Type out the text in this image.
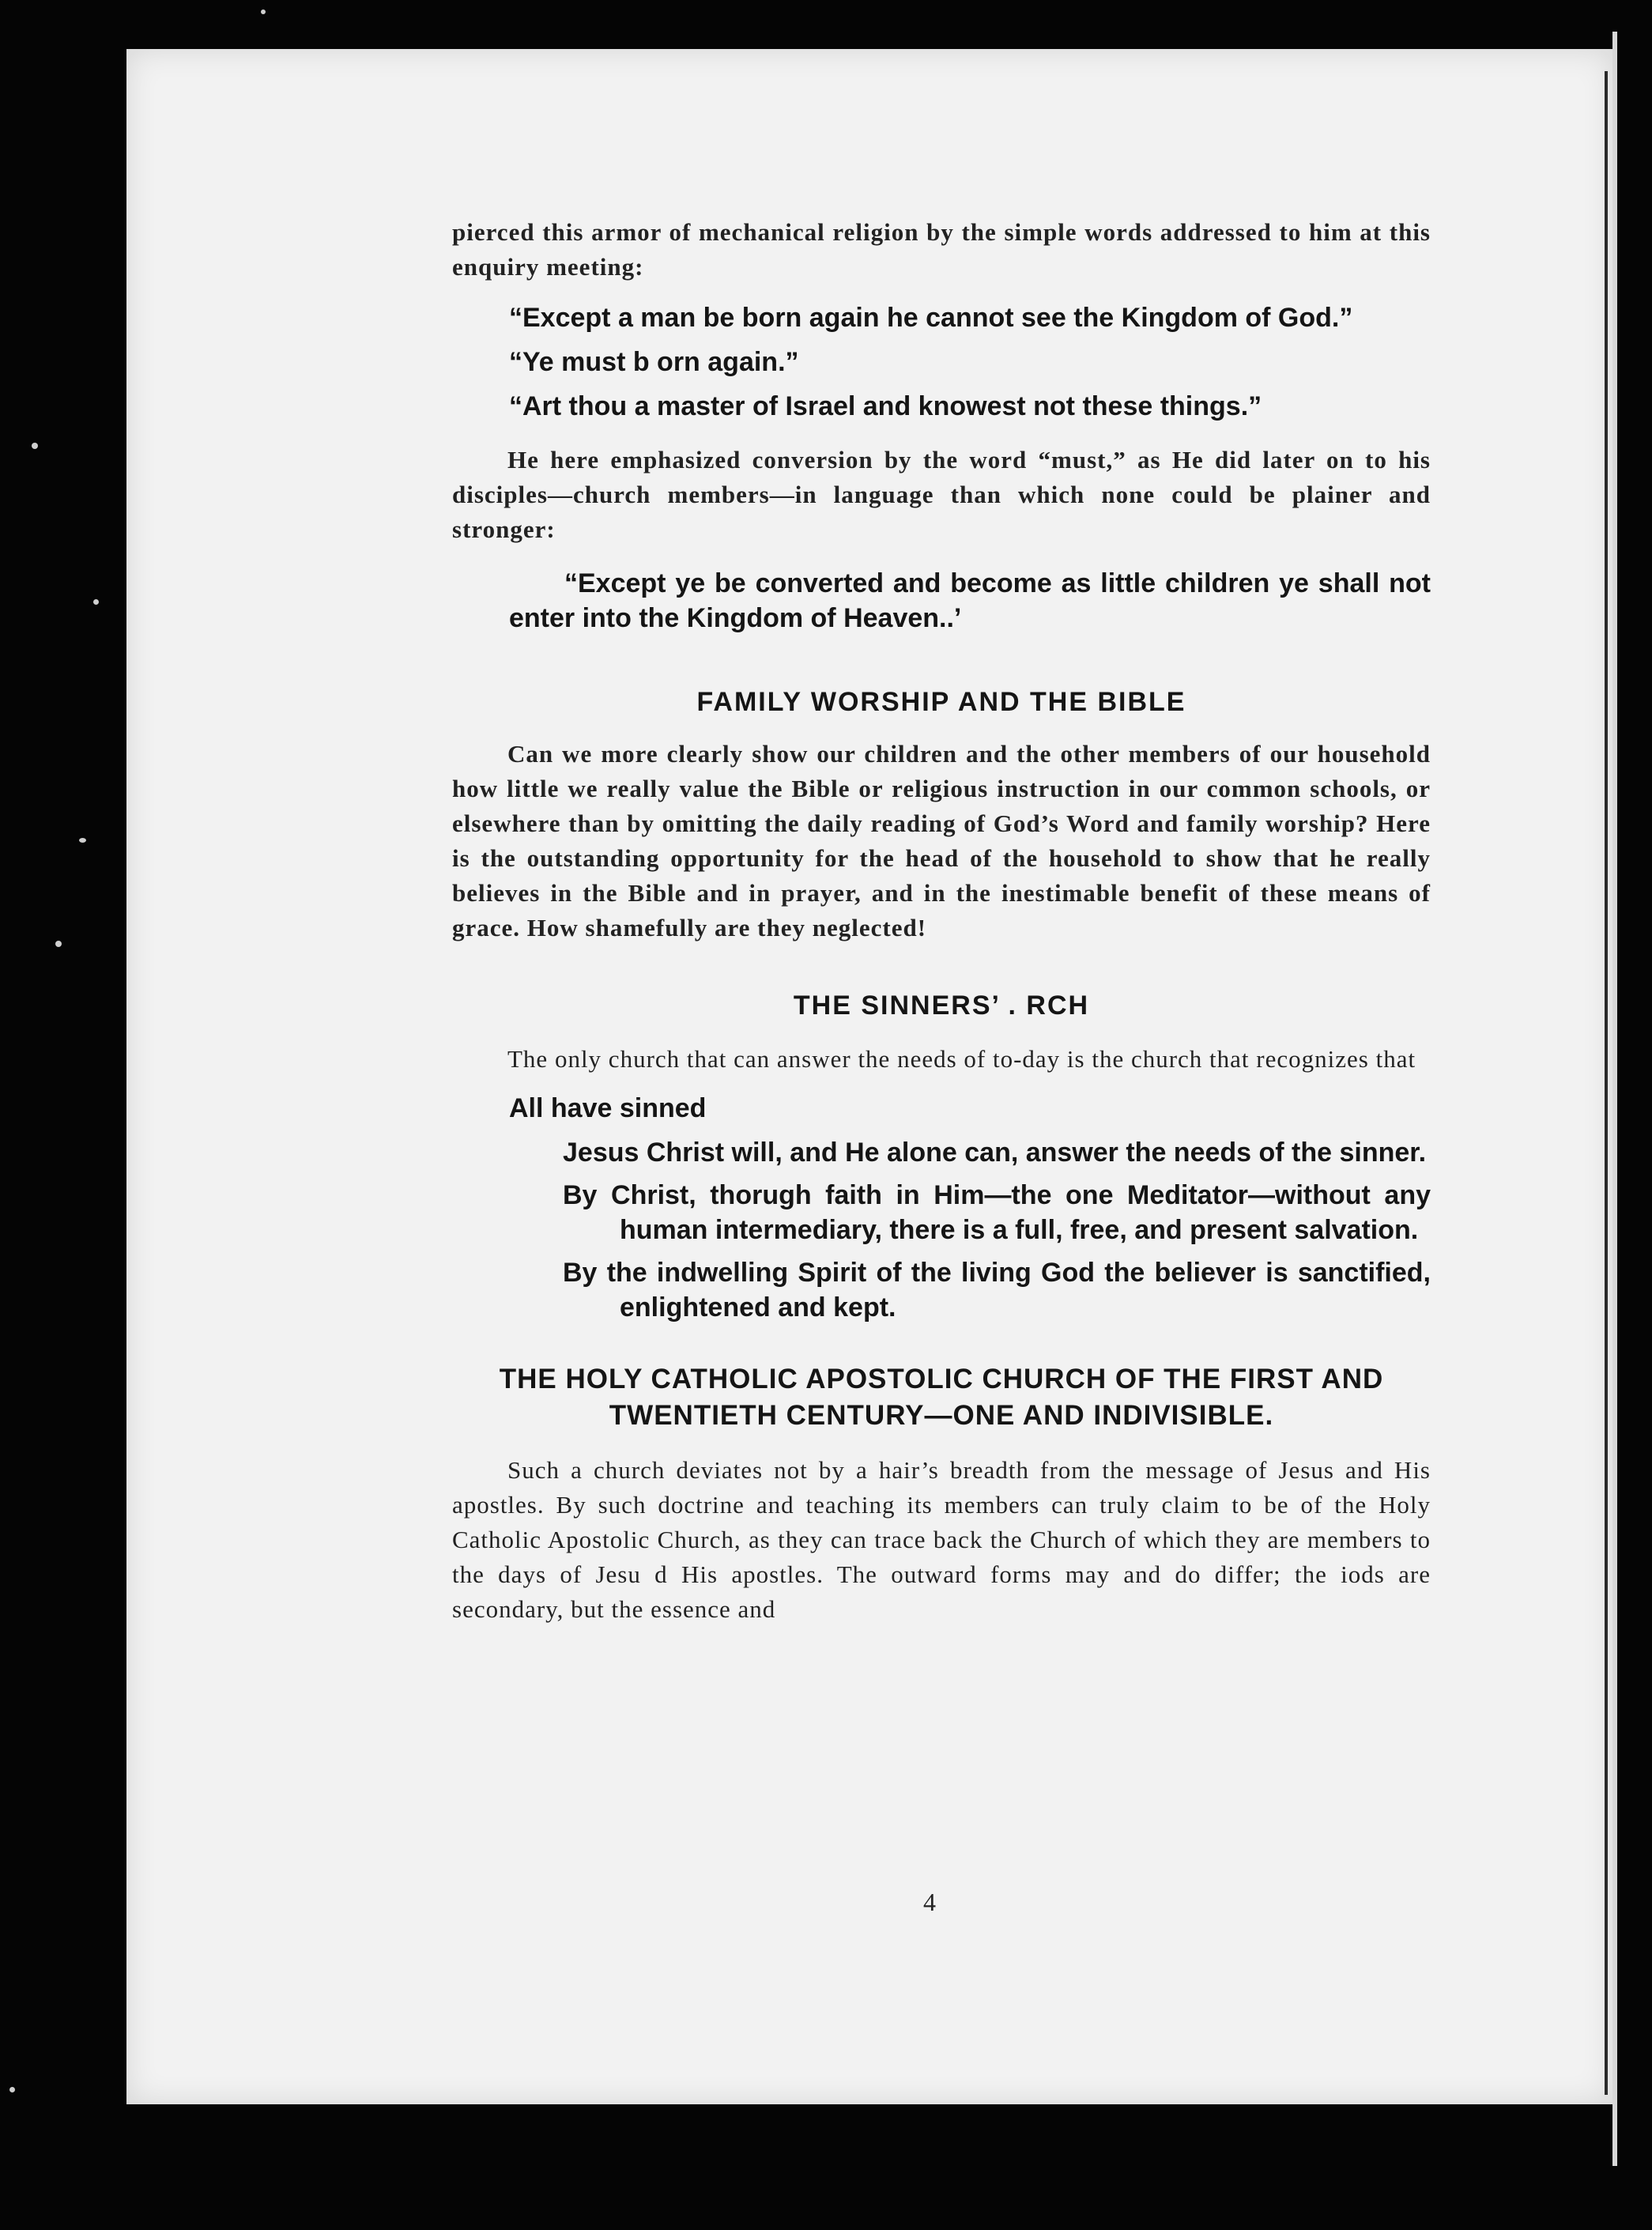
pierced this armor of mechanical religion by the simple words addressed to him at this enquiry meeting:

“Except a man be born again he cannot see the Kingdom of God.”

“Ye must b orn again.”

“Art thou a master of Israel and knowest not these things.”

He here emphasized conversion by the word “must,” as He did later on to his disciples—church members—in language than which none could be plainer and stronger:

“Except ye be converted and become as little children ye shall not enter into the Kingdom of Heaven..’

FAMILY WORSHIP AND THE BIBLE

Can we more clearly show our children and the other members of our household how little we really value the Bible or religious instruction in our common schools, or elsewhere than by omitting the daily reading of God’s Word and family worship? Here is the outstanding opportunity for the head of the household to show that he really believes in the Bible and in prayer, and in the inestimable benefit of these means of grace. How shamefully are they neglected!

THE SINNERS’ . RCH

The only church that can answer the needs of to-day is the church that recognizes that

All have sinned

Jesus Christ will, and He alone can, answer the needs of the sinner.

By Christ, thorugh faith in Him—the one Meditator—without any human intermediary, there is a full, free, and present salvation.

By the indwelling Spirit of the living God the believer is sanctified, enlightened and kept.

THE HOLY CATHOLIC APOSTOLIC CHURCH OF THE FIRST AND
TWENTIETH CENTURY—ONE AND INDIVISIBLE.

Such a church deviates not by a hair’s breadth from the message of Jesus and His apostles. By such doctrine and teaching its members can truly claim to be of the Holy Catholic Apostolic Church, as they can trace back the Church of which they are members to the days of Jesu d His apostles. The outward forms may and do differ; the iods are secondary, but the essence and

4
